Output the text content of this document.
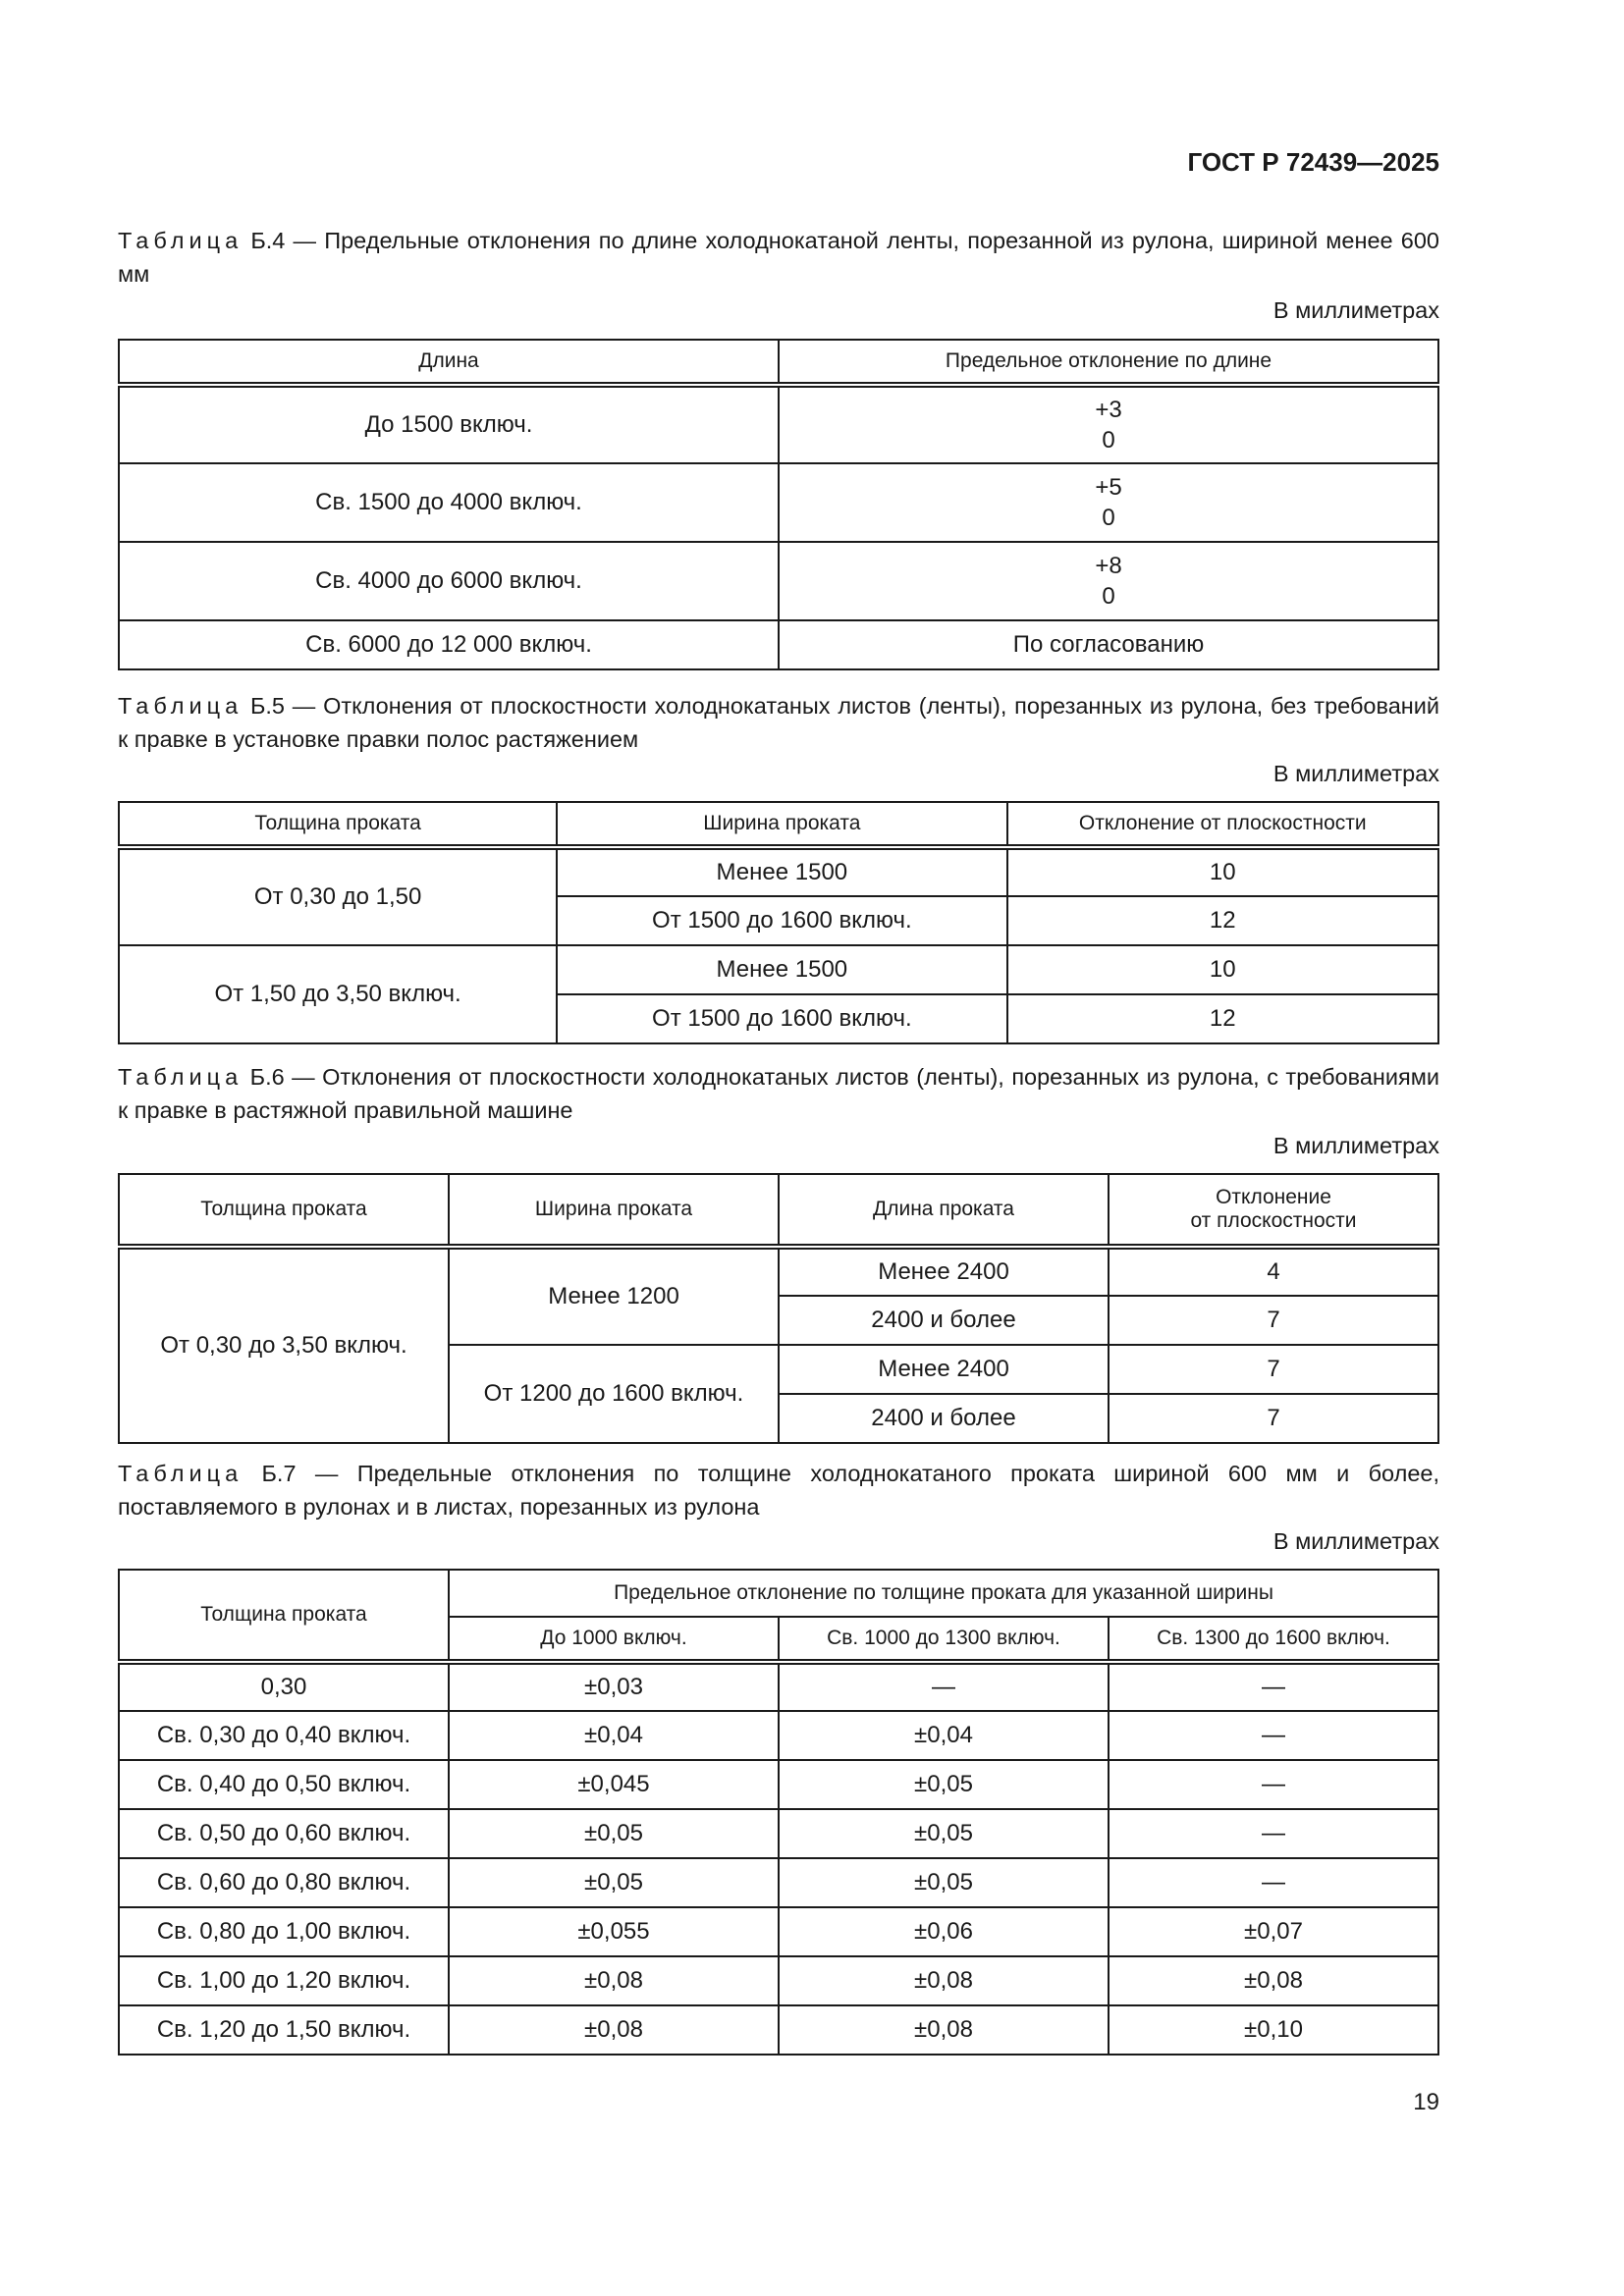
ГОСТ Р 72439—2025
Таблица Б.4 — Предельные отклонения по длине холоднокатаной ленты, порезанной из рулона, шириной менее 600 мм
В миллиметрах
Длина	Предельное отклонение по длине
До 1500 включ.	+3
0

Св. 1500 до 4000 включ.	+5
0

Св. 4000 до 6000 включ.	+8
0

Св. 6000 до 12 000 включ.	По согласованию
Таблица Б.5 — Отклонения от плоскостности холоднокатаных листов (ленты), порезанных из рулона, без требований к правке в установке правки полос растяжением
В миллиметрах
Толщина проката	Ширина проката	Отклонение от плоскостности
От 0,30 до 1,50	Менее 1500	10
	От 1500 до 1600 включ.	12
От 1,50 до 3,50 включ.	Менее 1500	10
	От 1500 до 1600 включ.	12
Таблица Б.6 — Отклонения от плоскостности холоднокатаных листов (ленты), порезанных из рулона, с требованиями к правке в растяжной правильной машине
В миллиметрах
Толщина проката	Ширина проката	Длина проката	Отклонение
от плоскостности

От 0,30 до 3,50 включ.	Менее 1200	Менее 2400	4
		2400 и более	7
	От 1200 до 1600 включ.	Менее 2400	7
		2400 и более	7
Таблица Б.7 — Предельные отклонения по толщине холоднокатаного проката шириной 600 мм и более, поставляемого в рулонах и в листах, порезанных из рулона
В миллиметрах
Толщина проката	Предельное отклонение по толщине проката для указанной ширины		
	До 1000 включ.	Св. 1000 до 1300 включ.	Св. 1300 до 1600 включ.
0,30	±0,03	—	—
Св. 0,30 до 0,40 включ.	±0,04	±0,04	—
Св. 0,40 до 0,50 включ.	±0,045	±0,05	—
Св. 0,50 до 0,60 включ.	±0,05	±0,05	—
Св. 0,60 до 0,80 включ.	±0,05	±0,05	—
Св. 0,80 до 1,00 включ.	±0,055	±0,06	±0,07
Св. 1,00 до 1,20 включ.	±0,08	±0,08	±0,08
Св. 1,20 до 1,50 включ.	±0,08	±0,08	±0,10
19
